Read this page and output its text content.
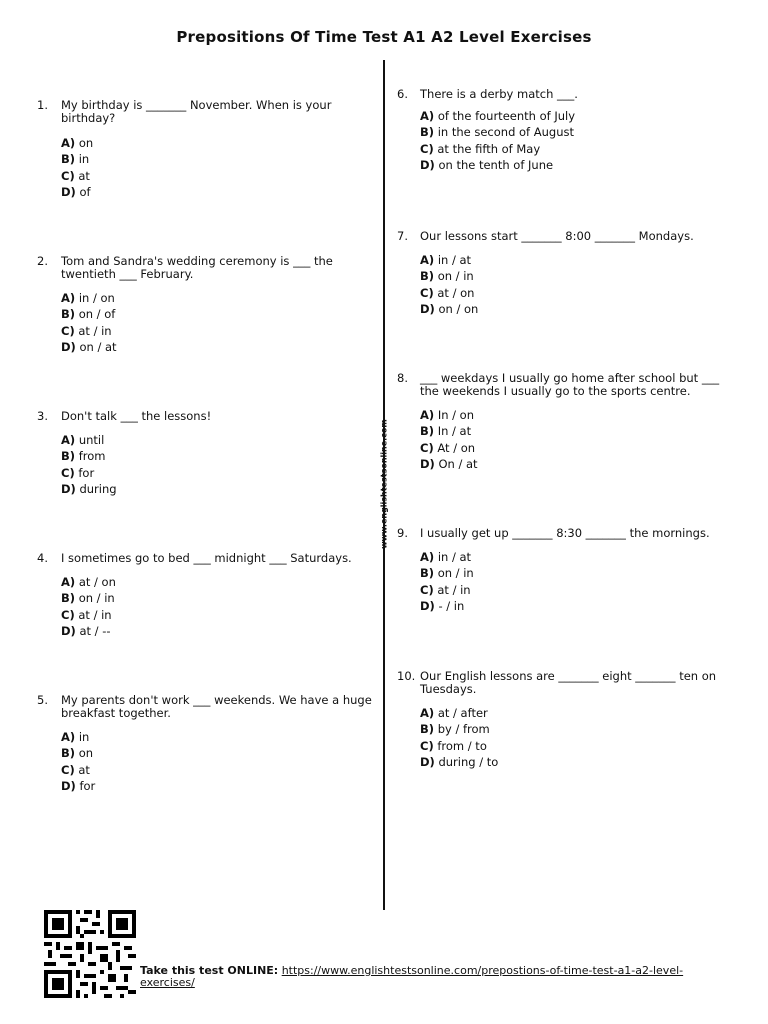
Prepositions Of Time Test A1 A2 Level Exercises
www.englishtestsonline.com
1. My birthday is _______ November. When is your birthday?
A) on
B) in
C) at
D) of
2. Tom and Sandra's wedding ceremony is ___ the twentieth ___ February.
A) in / on
B) on / of
C) at / in
D) on / at
3. Don't talk ___ the lessons!
A) until
B) from
C) for
D) during
4. I sometimes go to bed ___ midnight ___ Saturdays.
A) at / on
B) on / in
C) at / in
D) at / --
5. My parents don't work ___ weekends. We have a huge breakfast together.
A) in
B) on
C) at
D) for
6. There is a derby match ___.
A) of the fourteenth of July
B) in the second of August
C) at the fifth of May
D) on the tenth of June
7. Our lessons start _______ 8:00 _______ Mondays.
A) in / at
B) on / in
C) at / on
D) on / on
8. ___ weekdays I usually go home after school but ___ the weekends I usually go to the sports centre.
A) In / on
B) In / at
C) At / on
D) On / at
9. I usually get up _______ 8:30 _______ the mornings.
A) in / at
B) on / in
C) at / in
D) - / in
10. Our English lessons are _______ eight _______ ten on Tuesdays.
A) at / after
B) by / from
C) from / to
D) during / to
Take this test ONLINE: https://www.englishtestsonline.com/prepostions-of-time-test-a1-a2-level-exercises/
